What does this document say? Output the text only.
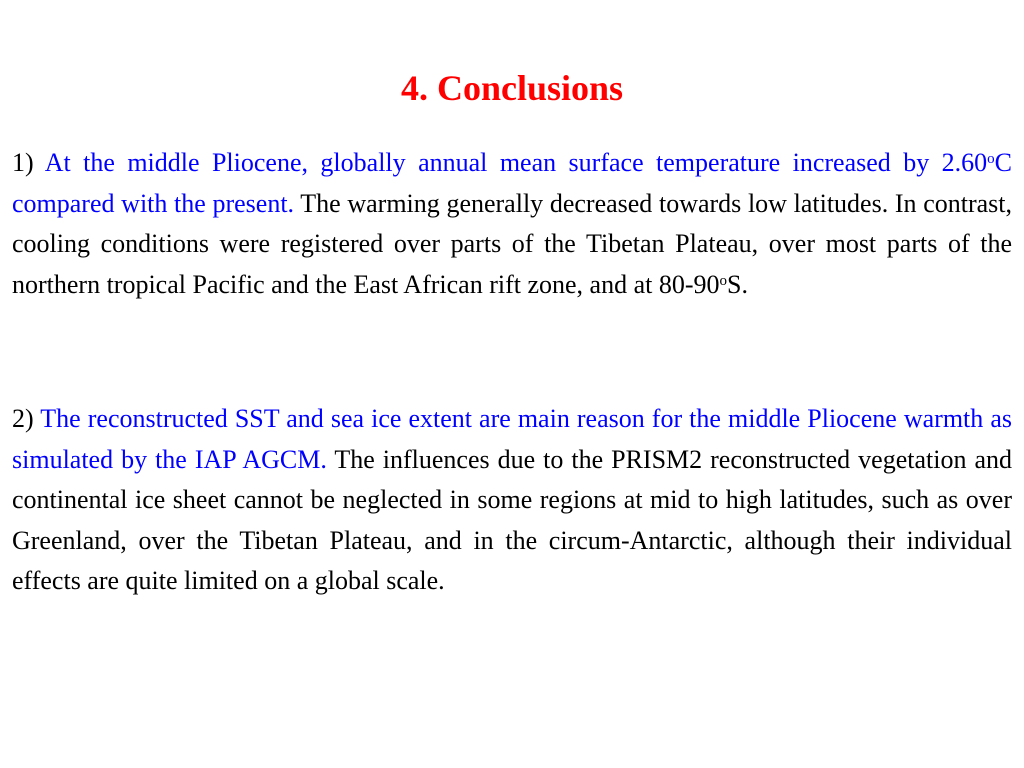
4. Conclusions

1) At the middle Pliocene, globally annual mean surface temperature increased by 2.60$^o$C compared with the present. The warming generally decreased towards low latitudes. In contrast, cooling conditions were registered over parts of the Tibetan Plateau, over most parts of the northern tropical Pacific and the East African rift zone, and at 80-90$^o$S.

2) The reconstructed SST and sea ice extent are main reason for the middle Pliocene warmth as simulated by the IAP AGCM. The influences due to the PRISM2 reconstructed vegetation and continental ice sheet cannot be neglected in some regions at mid to high latitudes, such as over Greenland, over the Tibetan Plateau, and in the circum-Antarctic, although their individual effects are quite limited on a global scale.
